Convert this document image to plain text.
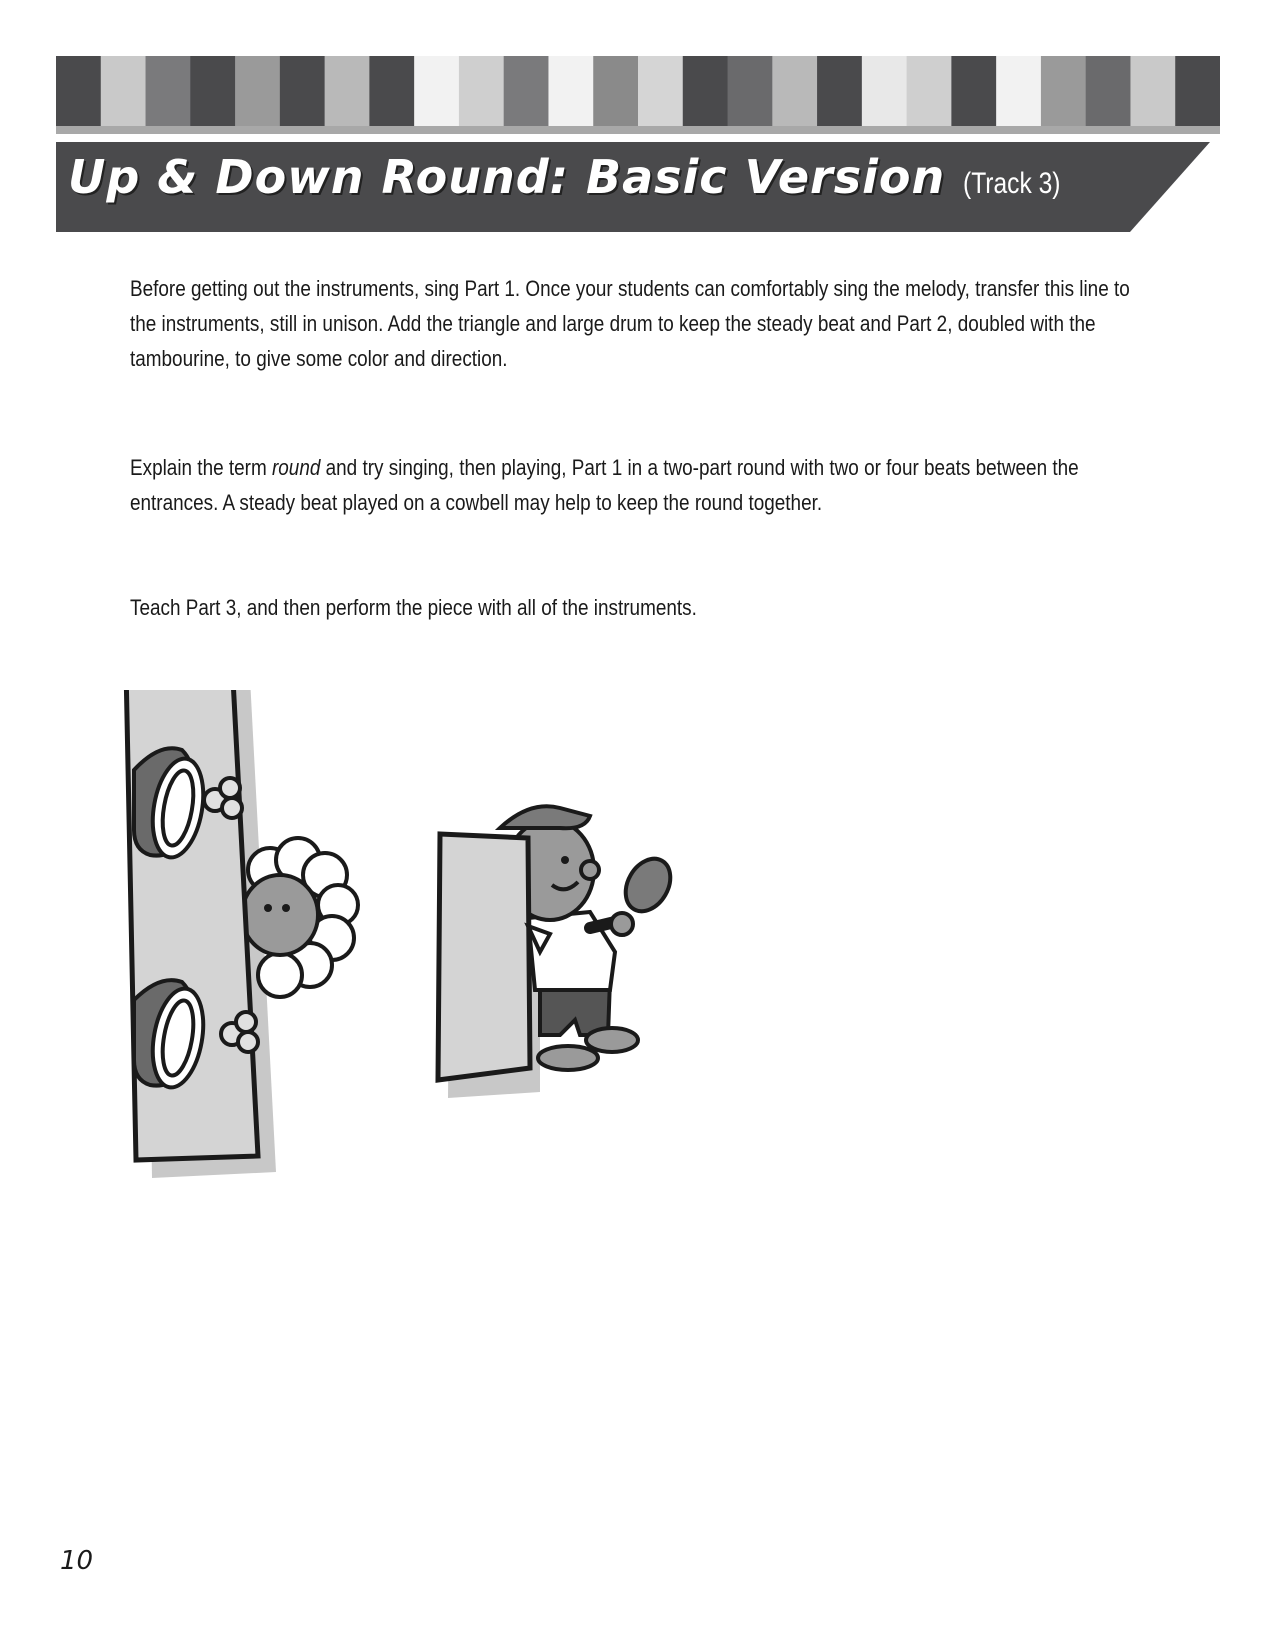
Up & Down Round: Basic Version (Track 3)

Before getting out the instruments, sing Part 1. Once your students can comfortably sing the melody, transfer this line to the instruments, still in unison. Add the triangle and large drum to keep the steady beat and Part 2, doubled with the tambourine, to give some color and direction.

Explain the term round and try singing, then playing, Part 1 in a two-part round with two or four beats between the entrances. A steady beat played on a cowbell may help to keep the round together.

Teach Part 3, and then perform the piece with all of the instruments.

10
